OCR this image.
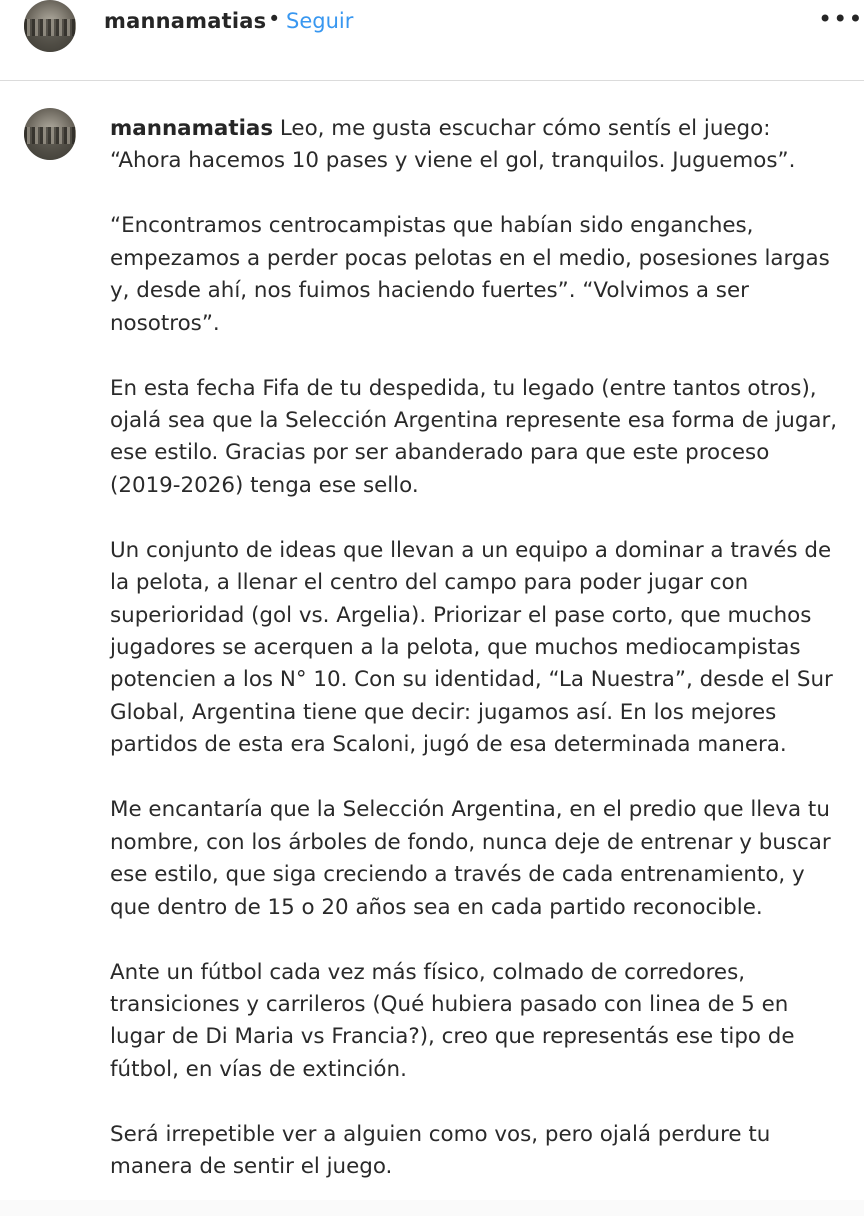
mannamatias • Seguir	•••

mannamatias Leo, me gusta escuchar cómo sentís el juego: “Ahora hacemos 10 pases y viene el gol, tranquilos. Juguemos”.

“Encontramos centrocampistas que habían sido enganches, empezamos a perder pocas pelotas en el medio, posesiones largas y, desde ahí, nos fuimos haciendo fuertes”. “Volvimos a ser nosotros”.

En esta fecha Fifa de tu despedida, tu legado (entre tantos otros), ojalá sea que la Selección Argentina represente esa forma de jugar, ese estilo. Gracias por ser abanderado para que este proceso (2019-2026) tenga ese sello.

Un conjunto de ideas que llevan a un equipo a dominar a través de la pelota, a llenar el centro del campo para poder jugar con superioridad (gol vs. Argelia). Priorizar el pase corto, que muchos jugadores se acerquen a la pelota, que muchos mediocampistas potencien a los N° 10. Con su identidad, “La Nuestra”, desde el Sur Global, Argentina tiene que decir: jugamos así. En los mejores partidos de esta era Scaloni, jugó de esa determinada manera.

Me encantaría que la Selección Argentina, en el predio que lleva tu nombre, con los árboles de fondo, nunca deje de entrenar y buscar ese estilo, que siga creciendo a través de cada entrenamiento, y que dentro de 15 o 20 años sea en cada partido reconocible.

Ante un fútbol cada vez más físico, colmado de corredores, transiciones y carrileros (Qué hubiera pasado con linea de 5 en lugar de Di Maria vs Francia?), creo que representás ese tipo de fútbol, en vías de extinción.

Será irrepetible ver a alguien como vos, pero ojalá perdure tu manera de sentir el juego.
